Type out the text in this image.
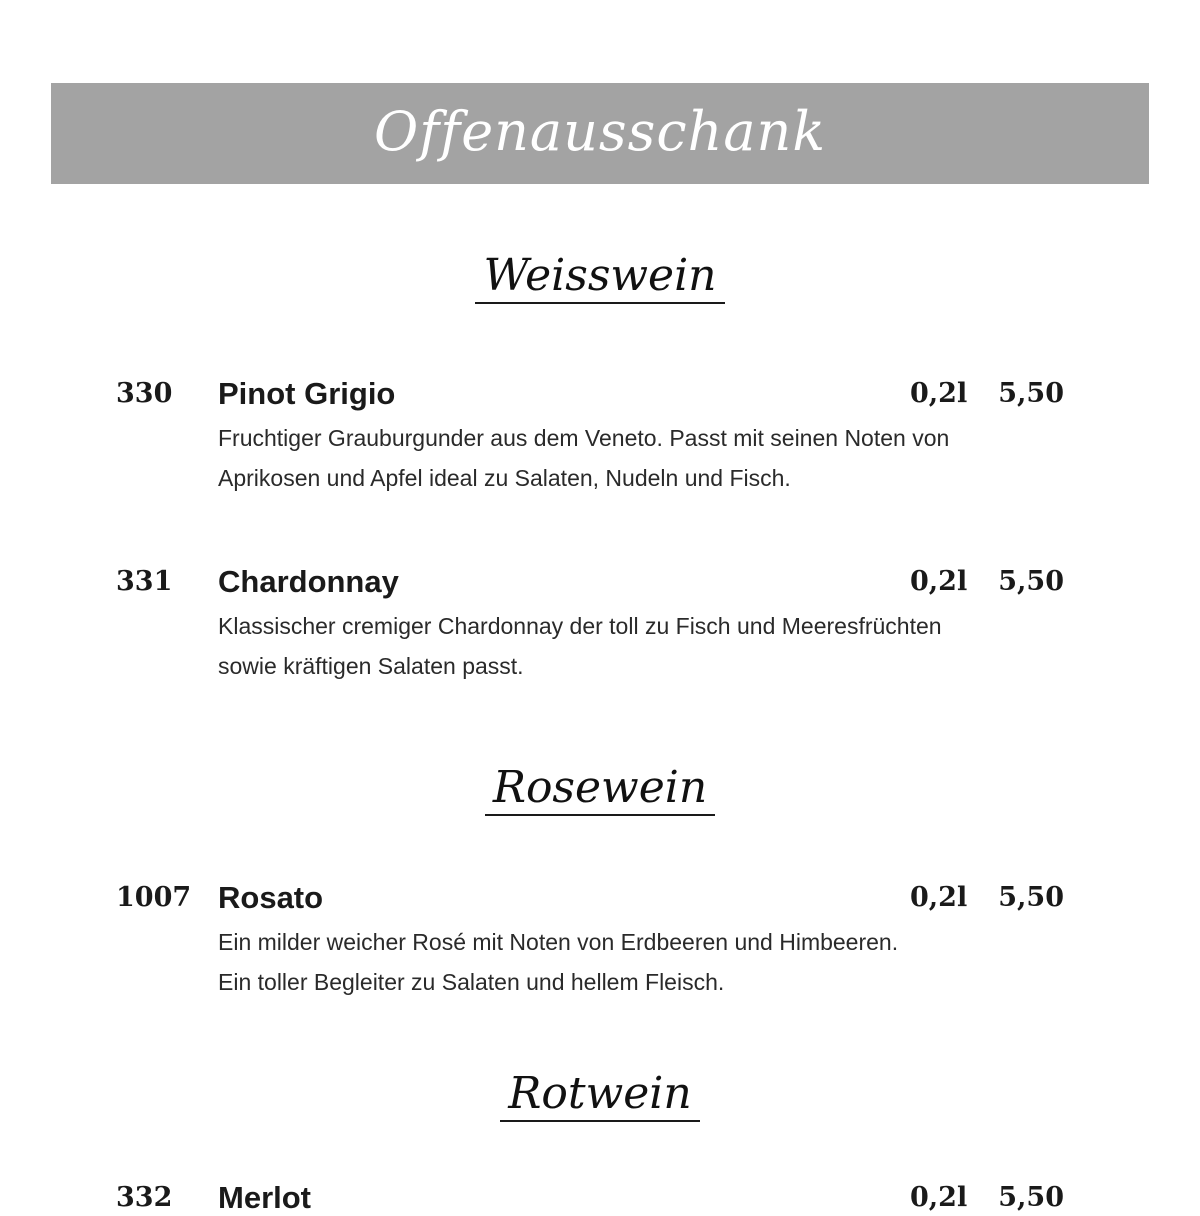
Offenausschank
Weisswein
330 Pinot Grigio	0,2l 5,50
Fruchtiger Grauburgunder aus dem Veneto. Passt mit seinen Noten von
Aprikosen und Apfel ideal zu Salaten, Nudeln und Fisch.
331 Chardonnay	0,2l 5,50
Klassischer cremiger Chardonnay der toll zu Fisch und Meeresfrüchten
sowie kräftigen Salaten passt.
Rosewein
1007 Rosato	0,2l 5,50
Ein milder weicher Rosé mit Noten von Erdbeeren und Himbeeren.
Ein toller Begleiter zu Salaten und hellem Fleisch.
Rotwein
332 Merlot	0,2l 5,50
